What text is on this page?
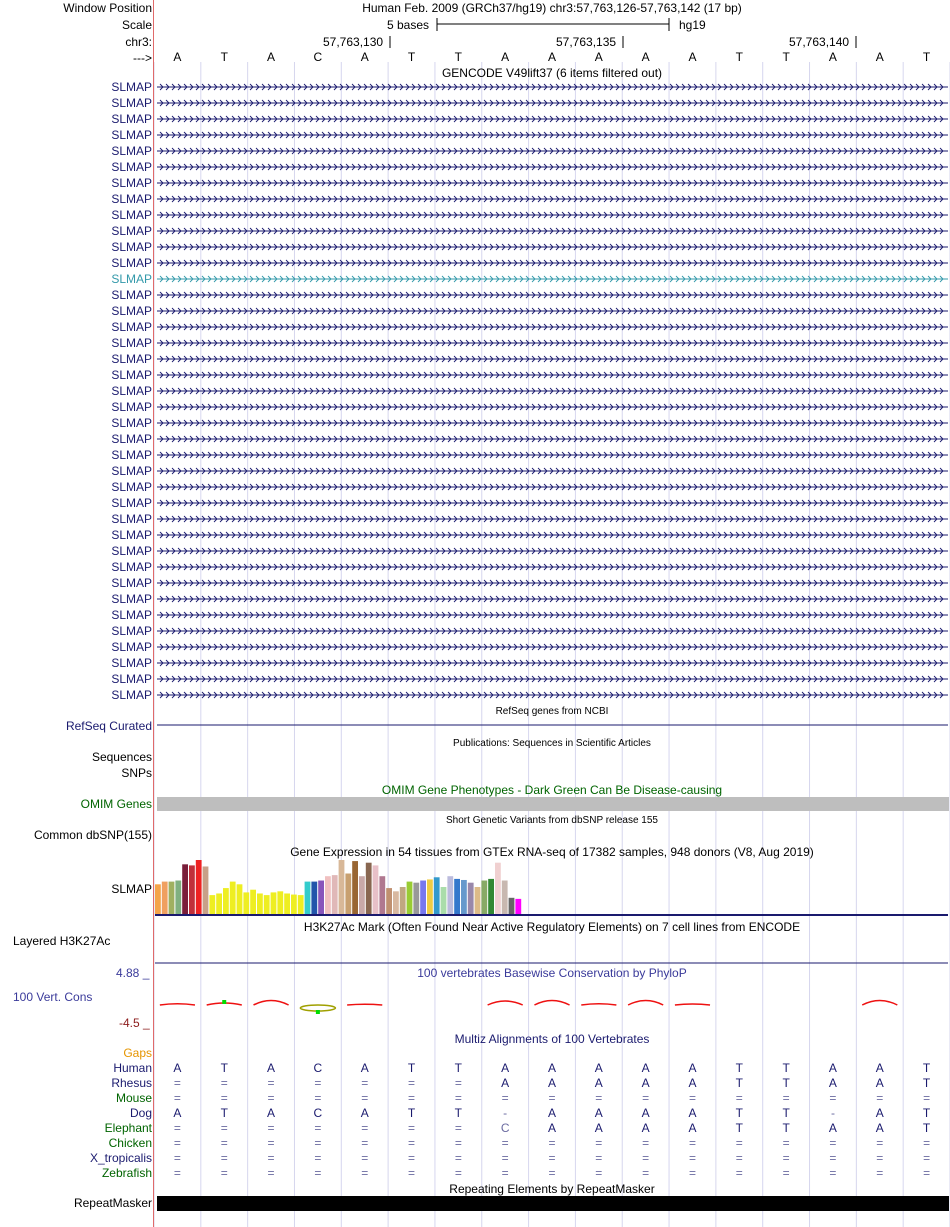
Window Position
Scale
chr3:
--->
Human Feb. 2009 (GRCh37/hg19) chr3:57,763,126-57,763,142 (17 bp)
5 bases	hg19
57,763,130	57,763,135	57,763,140
A	T	A	C	A	T	T	A	A	A	A	A	T	T	A	A	T
GENCODE V49lift37 (6 items filtered out)
SLMAP
SLMAP
SLMAP
SLMAP
SLMAP
SLMAP
SLMAP
SLMAP
SLMAP
SLMAP
SLMAP
SLMAP
SLMAP
SLMAP
SLMAP
SLMAP
SLMAP
SLMAP
SLMAP
SLMAP
SLMAP
SLMAP
SLMAP
SLMAP
SLMAP
SLMAP
SLMAP
SLMAP
SLMAP
SLMAP
SLMAP
SLMAP
SLMAP
SLMAP
SLMAP
SLMAP
SLMAP
SLMAP
SLMAP
RefSeq genes from NCBI
RefSeq Curated
Publications: Sequences in Scientific Articles
Sequences
SNPs
OMIM Gene Phenotypes - Dark Green Can Be Disease-causing
OMIM Genes
Short Genetic Variants from dbSNP release 155
Common dbSNP(155)
Gene Expression in 54 tissues from GTEx RNA-seq of 17382 samples, 948 donors (V8, Aug 2019)
SLMAP
H3K27Ac Mark (Often Found Near Active Regulatory Elements) on 7 cell lines from ENCODE
Layered H3K27Ac
100 vertebrates Basewise Conservation by PhyloP
4.88 _
100 Vert. Cons
-4.5 _
Multiz Alignments of 100 Vertebrates
Gaps
Human	A	T	A	C	A	T	T	A	A	A	A	A	T	T	A	A	T
Rhesus	=	=	=	=	=	=	=	A	A	A	A	A	T	T	A	A	T
Mouse	=	=	=	=	=	=	=	=	=	=	=	=	=	=	=	=	=
Dog	A	T	A	C	A	T	T	-	A	A	A	A	T	T	-	A	T
Elephant	=	=	=	=	=	=	=	C	A	A	A	A	T	T	A	A	T
Chicken	=	=	=	=	=	=	=	=	=	=	=	=	=	=	=	=	=
X_tropicalis	=	=	=	=	=	=	=	=	=	=	=	=	=	=	=	=	=
Zebrafish	=	=	=	=	=	=	=	=	=	=	=	=	=	=	=	=	=
Repeating Elements by RepeatMasker
RepeatMasker
